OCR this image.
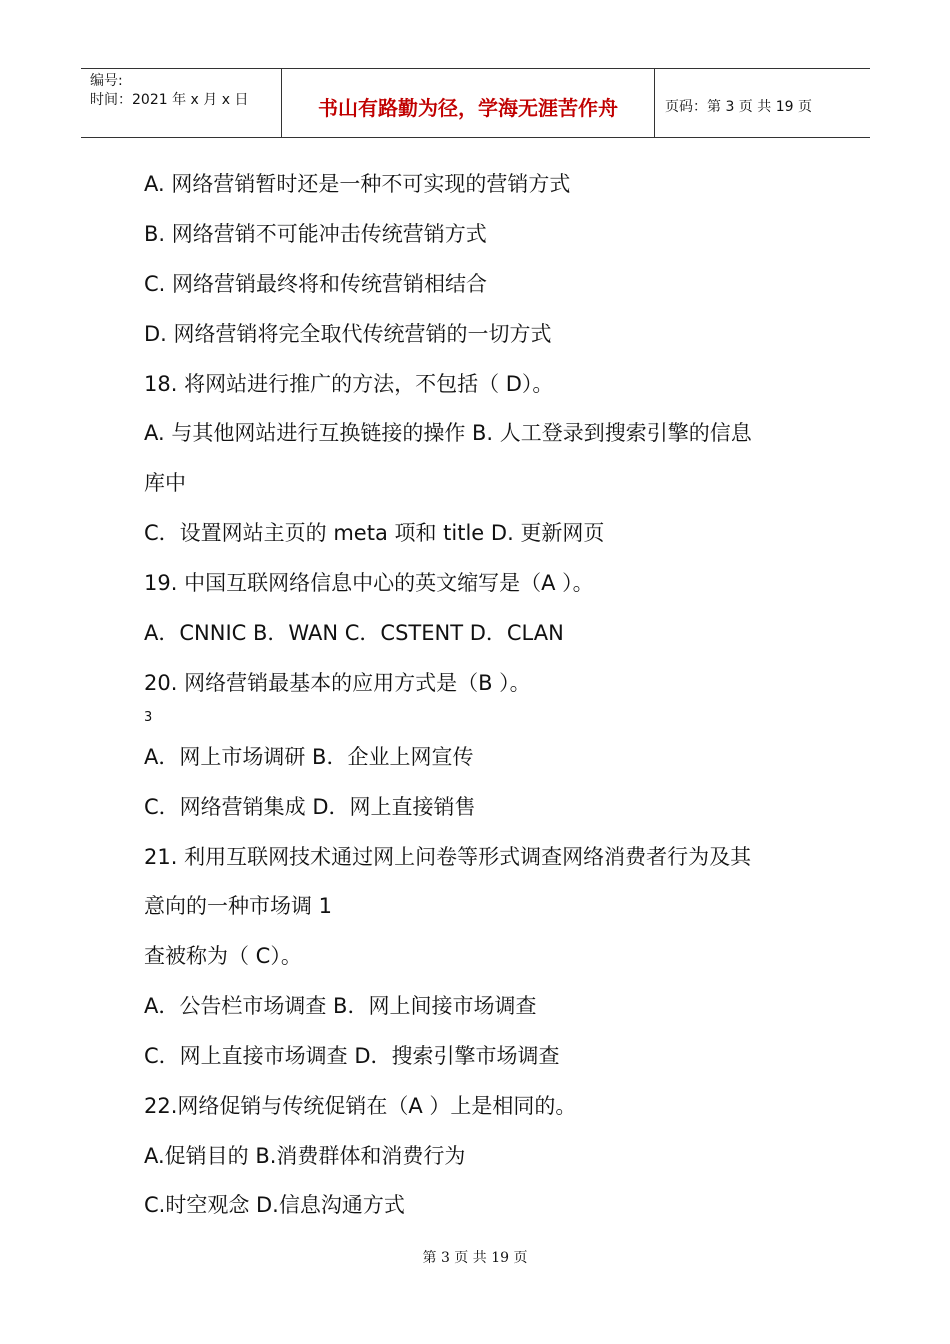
编号:
时间：2021 年 x 月 x 日	书山有路勤为径，学海无涯苦作舟	页码：第 3 页 共 19 页
A. 网络营销暂时还是一种不可实现的营销方式
B. 网络营销不可能冲击传统营销方式
C. 网络营销最终将和传统营销相结合
D. 网络营销将完全取代传统营销的一切方式
18. 将网站进行推广的方法，不包括（ D）。
A. 与其他网站进行互换链接的操作 B. 人工登录到搜索引擎的信息
库中
C．设置网站主页的 meta 项和 title D. 更新网页
19. 中国互联网络信息中心的英文缩写是（A ）。
A．CNNIC B．WAN C．CSTENT D．CLAN
20. 网络营销最基本的应用方式是（B ）。
3
A．网上市场调研 B．企业上网宣传
C．网络营销集成 D．网上直接销售
21. 利用互联网技术通过网上问卷等形式调查网络消费者行为及其
意向的一种市场调 1
查被称为（ C）。
A．公告栏市场调查 B．网上间接市场调查
C．网上直接市场调查 D．搜索引擎市场调查
22.网络促销与传统促销在（A ）上是相同的。
A.促销目的 B.消费群体和消费行为
C.时空观念 D.信息沟通方式
第 3 页 共 19 页
